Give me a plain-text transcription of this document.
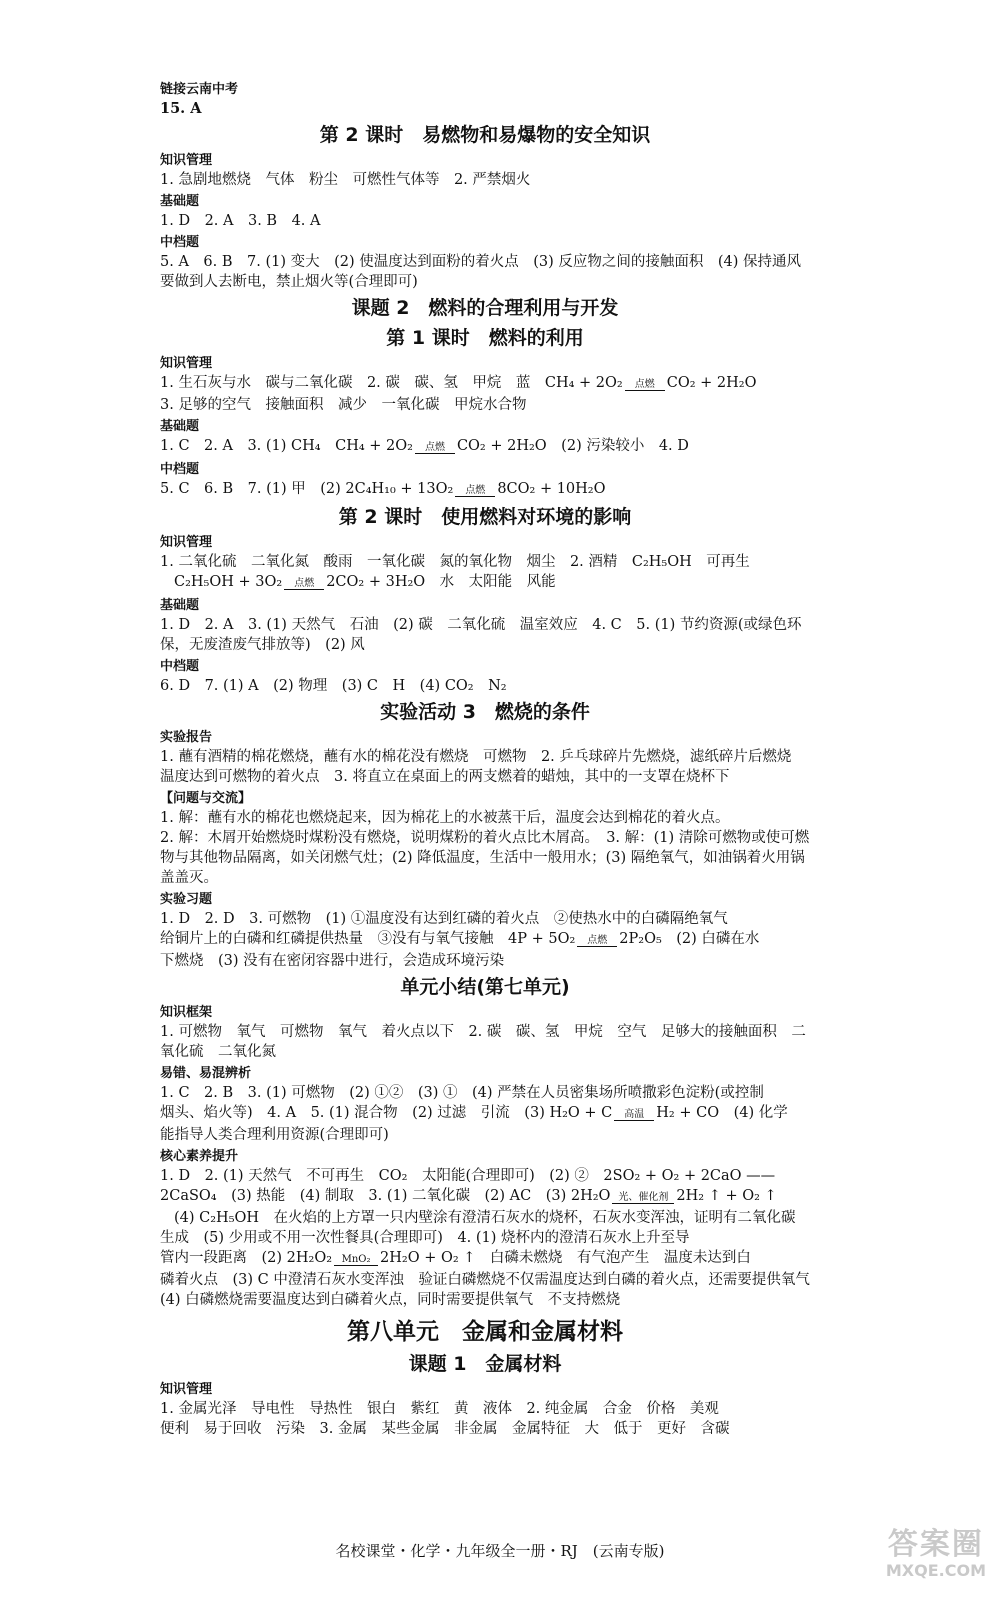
链接云南中考
15. A
第 2 课时　易燃物和易爆物的安全知识
知识管理
1. 急剧地燃烧　气体　粉尘　可燃性气体等　2. 严禁烟火
基础题
1. D　2. A　3. B　4. A
中档题
5. A　6. B　7. (1) 变大　(2) 使温度达到面粉的着火点　(3) 反应物之间的接触面积　(4) 保持通风　要做到人去断电，禁止烟火等(合理即可)
课题 2　燃料的合理利用与开发
第 1 课时　燃料的利用
知识管理
1. 生石灰与水　碳与二氧化碳　2. 碳　碳、氢　甲烷　蓝　CH₄ + 2O₂	点燃 CO₂ + 2H₂O
3. 足够的空气　接触面积　减少　一氧化碳　甲烷水合物
基础题
1. C　2. A　3. (1) CH₄　CH₄ + 2O₂	点燃 CO₂ + 2H₂O　(2) 污染较小　4. D
中档题
5. C　6. B　7. (1) 甲　(2) 2C₄H₁₀ + 13O₂	点燃 8CO₂ + 10H₂O
第 2 课时　使用燃料对环境的影响
知识管理
1. 二氧化硫　二氧化氮　酸雨　一氧化碳　氮的氧化物　烟尘　2. 酒精　C₂H₅OH　可再生
C₂H₅OH + 3O₂	点燃 2CO₂ + 3H₂O　水　太阳能　风能
基础题
1. D　2. A　3. (1) 天然气　石油　(2) 碳　二氧化硫　温室效应　4. C　5. (1) 节约资源(或绿色环保，无废渣废气排放等)　(2) 风
中档题
6. D　7. (1) A　(2) 物理　(3) C　H　(4) CO₂　N₂
实验活动 3　燃烧的条件
实验报告
1. 蘸有酒精的棉花燃烧，蘸有水的棉花没有燃烧　可燃物　2. 乒乓球碎片先燃烧，滤纸碎片后燃烧　温度达到可燃物的着火点　3. 将直立在桌面上的两支燃着的蜡烛，其中的一支罩在烧杯下
【问题与交流】
1. 解：蘸有水的棉花也燃烧起来，因为棉花上的水被蒸干后，温度会达到棉花的着火点。
2. 解：木屑开始燃烧时煤粉没有燃烧，说明煤粉的着火点比木屑高。　3. 解：(1) 清除可燃物或使可燃物与其他物品隔离，如关闭燃气灶；(2) 降低温度，生活中一般用水；(3) 隔绝氧气，如油锅着火用锅盖盖灭。
实验习题
1. D　2. D　3. 可燃物　(1) ①温度没有达到红磷的着火点　②使热水中的白磷隔绝氧气
给铜片上的白磷和红磷提供热量　③没有与氧气接触　4P + 5O₂	点燃 2P₂O₅　(2) 白磷在水
下燃烧　(3) 没有在密闭容器中进行，会造成环境污染
单元小结(第七单元)
知识框架
1. 可燃物　氧气　可燃物　氧气　着火点以下　2. 碳　碳、氢　甲烷　空气　足够大的接触面积　二氧化硫　二氧化氮
易错、易混辨析
1. C　2. B　3. (1) 可燃物　(2) ①②　(3) ①　(4) 严禁在人员密集场所喷撒彩色淀粉(或控制
烟头、焰火等)　4. A　5. (1) 混合物　(2) 过滤　引流　(3) H₂O + C	高温 H₂ + CO　(4) 化学
能指导人类合理利用资源(合理即可)
核心素养提升
1. D　2. (1) 天然气　不可再生　CO₂　太阳能(合理即可)　(2) ②　2SO₂ + O₂ + 2CaO ——
2CaSO₄　(3) 热能　(4) 制取　3. (1) 二氧化碳　(2) AC　(3) 2H₂O 光、催化剂 2H₂ ↑ + O₂ ↑
(4) C₂H₅OH　在火焰的上方罩一只内壁涂有澄清石灰水的烧杯，石灰水变浑浊，证明有二氧化碳生成　(5) 少用或不用一次性餐具(合理即可)　4. (1) 烧杯内的澄清石灰水上升至导
管内一段距离　(2) 2H₂O₂ MnO₂ 2H₂O + O₂ ↑　白磷未燃烧　有气泡产生　温度未达到白
磷着火点　(3) C 中澄清石灰水变浑浊　验证白磷燃烧不仅需温度达到白磷的着火点，还需要提供氧气　(4) 白磷燃烧需要温度达到白磷着火点，同时需要提供氧气　不支持燃烧
第八单元　金属和金属材料
课题 1　金属材料
知识管理
1. 金属光泽　导电性　导热性　银白　紫红　黄　液体　2. 纯金属　合金　价格　美观
便利　易于回收　污染　3. 金属　某些金属　非金属　金属特征　大　低于　更好　含碳
名校课堂・化学・九年级全一册・RJ　(云南专版)	答案圈
MXQE.COM
